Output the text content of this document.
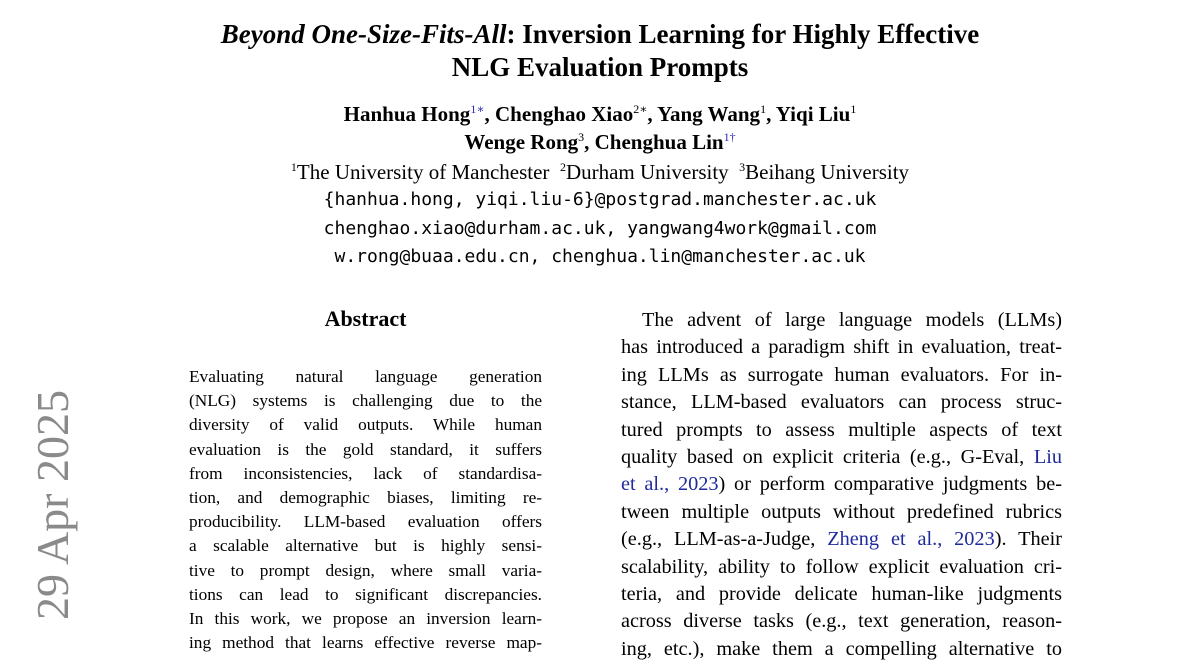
Beyond One-Size-Fits-All: Inversion Learning for Highly Effective
NLG Evaluation Prompts
Hanhua Hong$^{1∗}$, Chenghao Xiao$^{2∗}$, Yang Wang$^1$, Yiqi Liu$^1$
Wenge Rong$^3$, Chenghua Lin$^{1\dagger}$
$^1$The University of Manchester $^2$Durham University $^3$Beihang University
{hanhua.hong, yiqi.liu-6}@postgrad.manchester.ac.uk
chenghao.xiao@durham.ac.uk, yangwang4work@gmail.com
w.rong@buaa.edu.cn, chenghua.lin@manchester.ac.uk
29 Apr 2025
Abstract
Evaluating natural language generation
(NLG) systems is challenging due to the
diversity of valid outputs. While human
evaluation is the gold standard, it suffers
from inconsistencies, lack of standardisa-
tion, and demographic biases, limiting re-
producibility. LLM-based evaluation offers
a scalable alternative but is highly sensi-
tive to prompt design, where small varia-
tions can lead to significant discrepancies.
In this work, we propose an inversion learn-
ing method that learns effective reverse map-
The advent of large language models (LLMs)
has introduced a paradigm shift in evaluation, treat-
ing LLMs as surrogate human evaluators. For in-
stance, LLM-based evaluators can process struc-
tured prompts to assess multiple aspects of text
quality based on explicit criteria (e.g., G-Eval, Liu
et al., 2023) or perform comparative judgments be-
tween multiple outputs without predefined rubrics
(e.g., LLM-as-a-Judge, Zheng et al., 2023). Their
scalability, ability to follow explicit evaluation cri-
teria, and provide delicate human-like judgments
across diverse tasks (e.g., text generation, reason-
ing, etc.), make them a compelling alternative to
